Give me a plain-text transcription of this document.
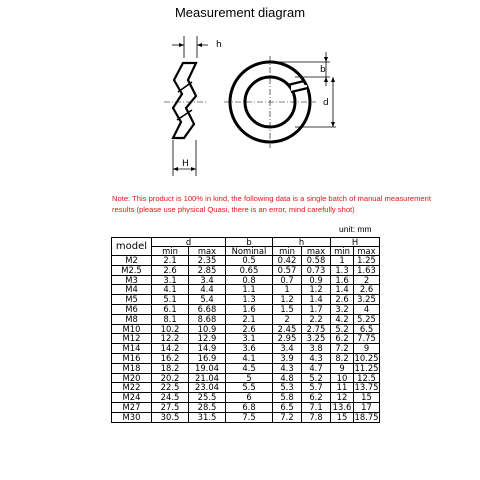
Measurement diagram
h
H
b
d
Note: This product is 100% in kind, the following data is a single batch of manual measurement results (please use physical Quasi, there is an error, mind carefully shot)
unit: mm
model	d		b	h		H	
	min	max	Nominal	min	max	min	max
M2	2.1	2.35	0.5	0.42	0.58	1	1.25
M2.5	2.6	2.85	0.65	0.57	0.73	1.3	1.63
M3	3.1	3.4	0.8	0.7	0.9	1.6	2
M4	4.1	4.4	1.1	1	1.2	1.4	2.6
M5	5.1	5.4	1.3	1.2	1.4	2.6	3.25
M6	6.1	6.68	1.6	1.5	1.7	3.2	4
M8	8.1	8.68	2.1	2	2.2	4.2	5.25
M10	10.2	10.9	2.6	2.45	2.75	5.2	6.5
M12	12.2	12.9	3.1	2.95	3.25	6.2	7.75
M14	14.2	14.9	3.6	3.4	3.8	7.2	9
M16	16.2	16.9	4.1	3.9	4.3	8.2	10.25
M18	18.2	19.04	4.5	4.3	4.7	9	11.25
M20	20.2	21.04	5	4.8	5.2	10	12.5
M22	22.5	23.04	5.5	5.3	5.7	11	13.75
M24	24.5	25.5	6	5.8	6.2	12	15
M27	27.5	28.5	6.8	6.5	7.1	13.6	17
M30	30.5	31.5	7.5	7.2	7.8	15	18.75
